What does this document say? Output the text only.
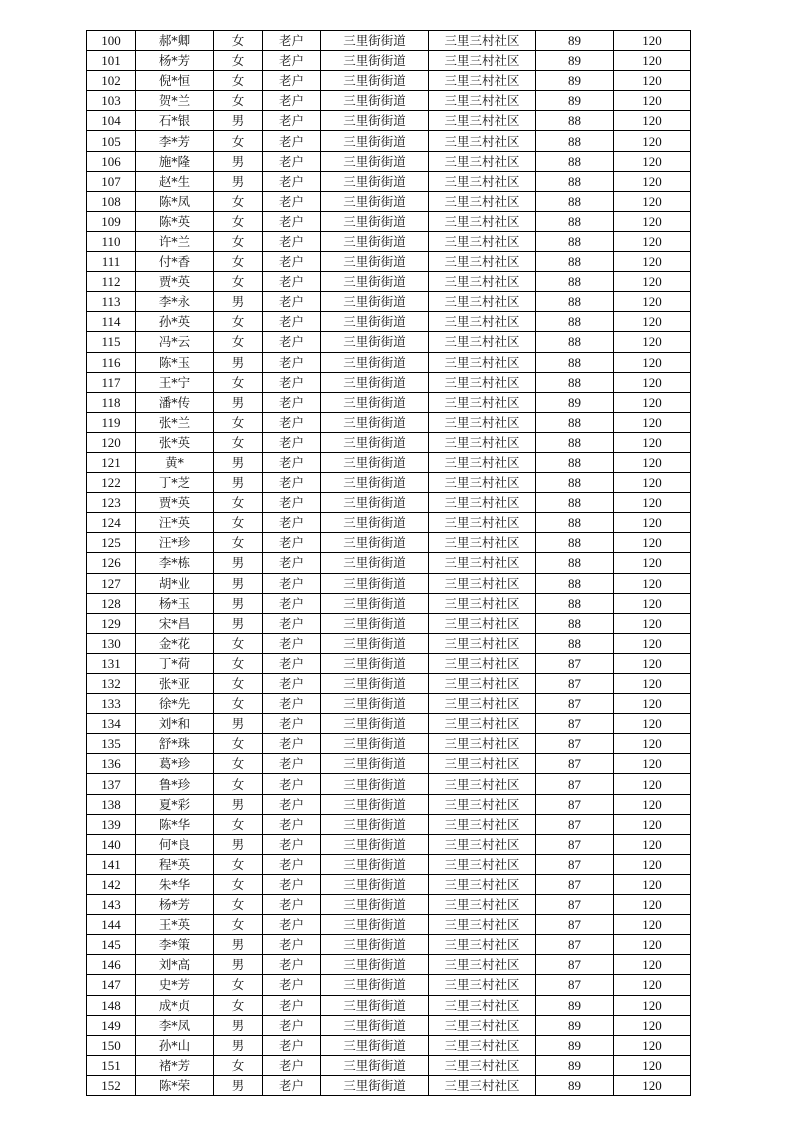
100	郝*卿	女	老户	三里街街道	三里三村社区	89	120
101	杨*芳	女	老户	三里街街道	三里三村社区	89	120
102	倪*恒	女	老户	三里街街道	三里三村社区	89	120
103	贺*兰	女	老户	三里街街道	三里三村社区	89	120
104	石*银	男	老户	三里街街道	三里三村社区	88	120
105	李*芳	女	老户	三里街街道	三里三村社区	88	120
106	施*隆	男	老户	三里街街道	三里三村社区	88	120
107	赵*生	男	老户	三里街街道	三里三村社区	88	120
108	陈*凤	女	老户	三里街街道	三里三村社区	88	120
109	陈*英	女	老户	三里街街道	三里三村社区	88	120
110	许*兰	女	老户	三里街街道	三里三村社区	88	120
111	付*香	女	老户	三里街街道	三里三村社区	88	120
112	贾*英	女	老户	三里街街道	三里三村社区	88	120
113	李*永	男	老户	三里街街道	三里三村社区	88	120
114	孙*英	女	老户	三里街街道	三里三村社区	88	120
115	冯*云	女	老户	三里街街道	三里三村社区	88	120
116	陈*玉	男	老户	三里街街道	三里三村社区	88	120
117	王*宁	女	老户	三里街街道	三里三村社区	88	120
118	潘*传	男	老户	三里街街道	三里三村社区	89	120
119	张*兰	女	老户	三里街街道	三里三村社区	88	120
120	张*英	女	老户	三里街街道	三里三村社区	88	120
121	黄*	男	老户	三里街街道	三里三村社区	88	120
122	丁*芝	男	老户	三里街街道	三里三村社区	88	120
123	贾*英	女	老户	三里街街道	三里三村社区	88	120
124	汪*英	女	老户	三里街街道	三里三村社区	88	120
125	汪*珍	女	老户	三里街街道	三里三村社区	88	120
126	李*栋	男	老户	三里街街道	三里三村社区	88	120
127	胡*业	男	老户	三里街街道	三里三村社区	88	120
128	杨*玉	男	老户	三里街街道	三里三村社区	88	120
129	宋*昌	男	老户	三里街街道	三里三村社区	88	120
130	金*花	女	老户	三里街街道	三里三村社区	88	120
131	丁*荷	女	老户	三里街街道	三里三村社区	87	120
132	张*亚	女	老户	三里街街道	三里三村社区	87	120
133	徐*先	女	老户	三里街街道	三里三村社区	87	120
134	刘*和	男	老户	三里街街道	三里三村社区	87	120
135	舒*珠	女	老户	三里街街道	三里三村社区	87	120
136	葛*珍	女	老户	三里街街道	三里三村社区	87	120
137	鲁*珍	女	老户	三里街街道	三里三村社区	87	120
138	夏*彩	男	老户	三里街街道	三里三村社区	87	120
139	陈*华	女	老户	三里街街道	三里三村社区	87	120
140	何*良	男	老户	三里街街道	三里三村社区	87	120
141	程*英	女	老户	三里街街道	三里三村社区	87	120
142	朱*华	女	老户	三里街街道	三里三村社区	87	120
143	杨*芳	女	老户	三里街街道	三里三村社区	87	120
144	王*英	女	老户	三里街街道	三里三村社区	87	120
145	李*策	男	老户	三里街街道	三里三村社区	87	120
146	刘*高	男	老户	三里街街道	三里三村社区	87	120
147	史*芳	女	老户	三里街街道	三里三村社区	87	120
148	成*贞	女	老户	三里街街道	三里三村社区	89	120
149	李*凤	男	老户	三里街街道	三里三村社区	89	120
150	孙*山	男	老户	三里街街道	三里三村社区	89	120
151	褚*芳	女	老户	三里街街道	三里三村社区	89	120
152	陈*荣	男	老户	三里街街道	三里三村社区	89	120
